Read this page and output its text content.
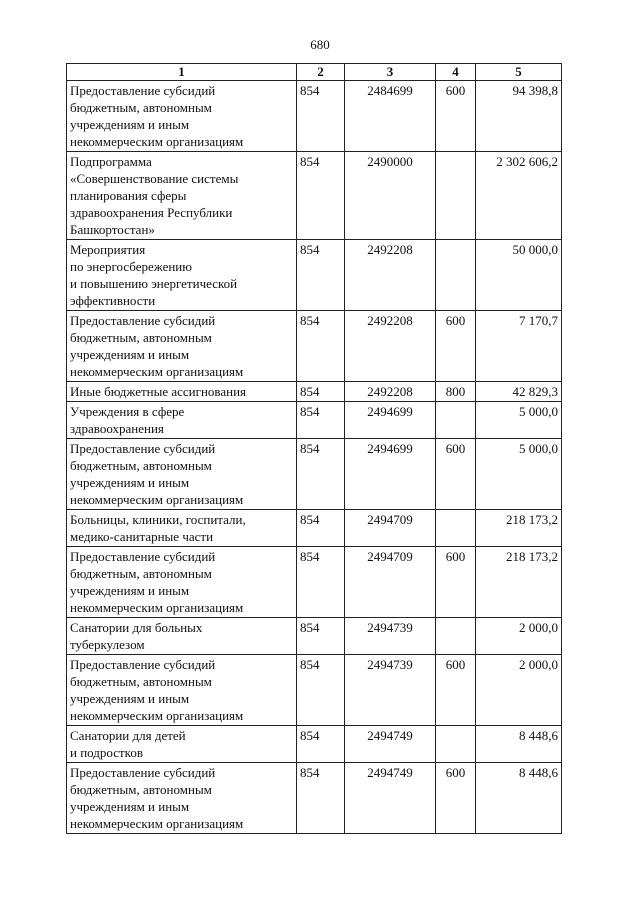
680
1	2	3	4	5

Предоставление субсидий
бюджетным, автономным
учреждениям и иным
некоммерческим организациям	854	2484699	600	94 398,8

Подпрограмма
«Совершенствование системы
планирования сферы
здравоохранения Республики
Башкортостан»	854	2490000		2 302 606,2

Мероприятия
по энергосбережению
и повышению энергетической
эффективности	854	2492208		50 000,0

Предоставление субсидий
бюджетным, автономным
учреждениям и иным
некоммерческим организациям	854	2492208	600	7 170,7

Иные бюджетные ассигнования	854	2492208	800	42 829,3

Учреждения в сфере
здравоохранения	854	2494699		5 000,0

Предоставление субсидий
бюджетным, автономным
учреждениям и иным
некоммерческим организациям	854	2494699	600	5 000,0

Больницы, клиники, госпитали,
медико-санитарные части	854	2494709		218 173,2

Предоставление субсидий
бюджетным, автономным
учреждениям и иным
некоммерческим организациям	854	2494709	600	218 173,2

Санатории для больных
туберкулезом	854	2494739		2 000,0

Предоставление субсидий
бюджетным, автономным
учреждениям и иным
некоммерческим организациям	854	2494739	600	2 000,0

Санатории для детей
и подростков	854	2494749		8 448,6

Предоставление субсидий
бюджетным, автономным
учреждениям и иным
некоммерческим организациям	854	2494749	600	8 448,6
